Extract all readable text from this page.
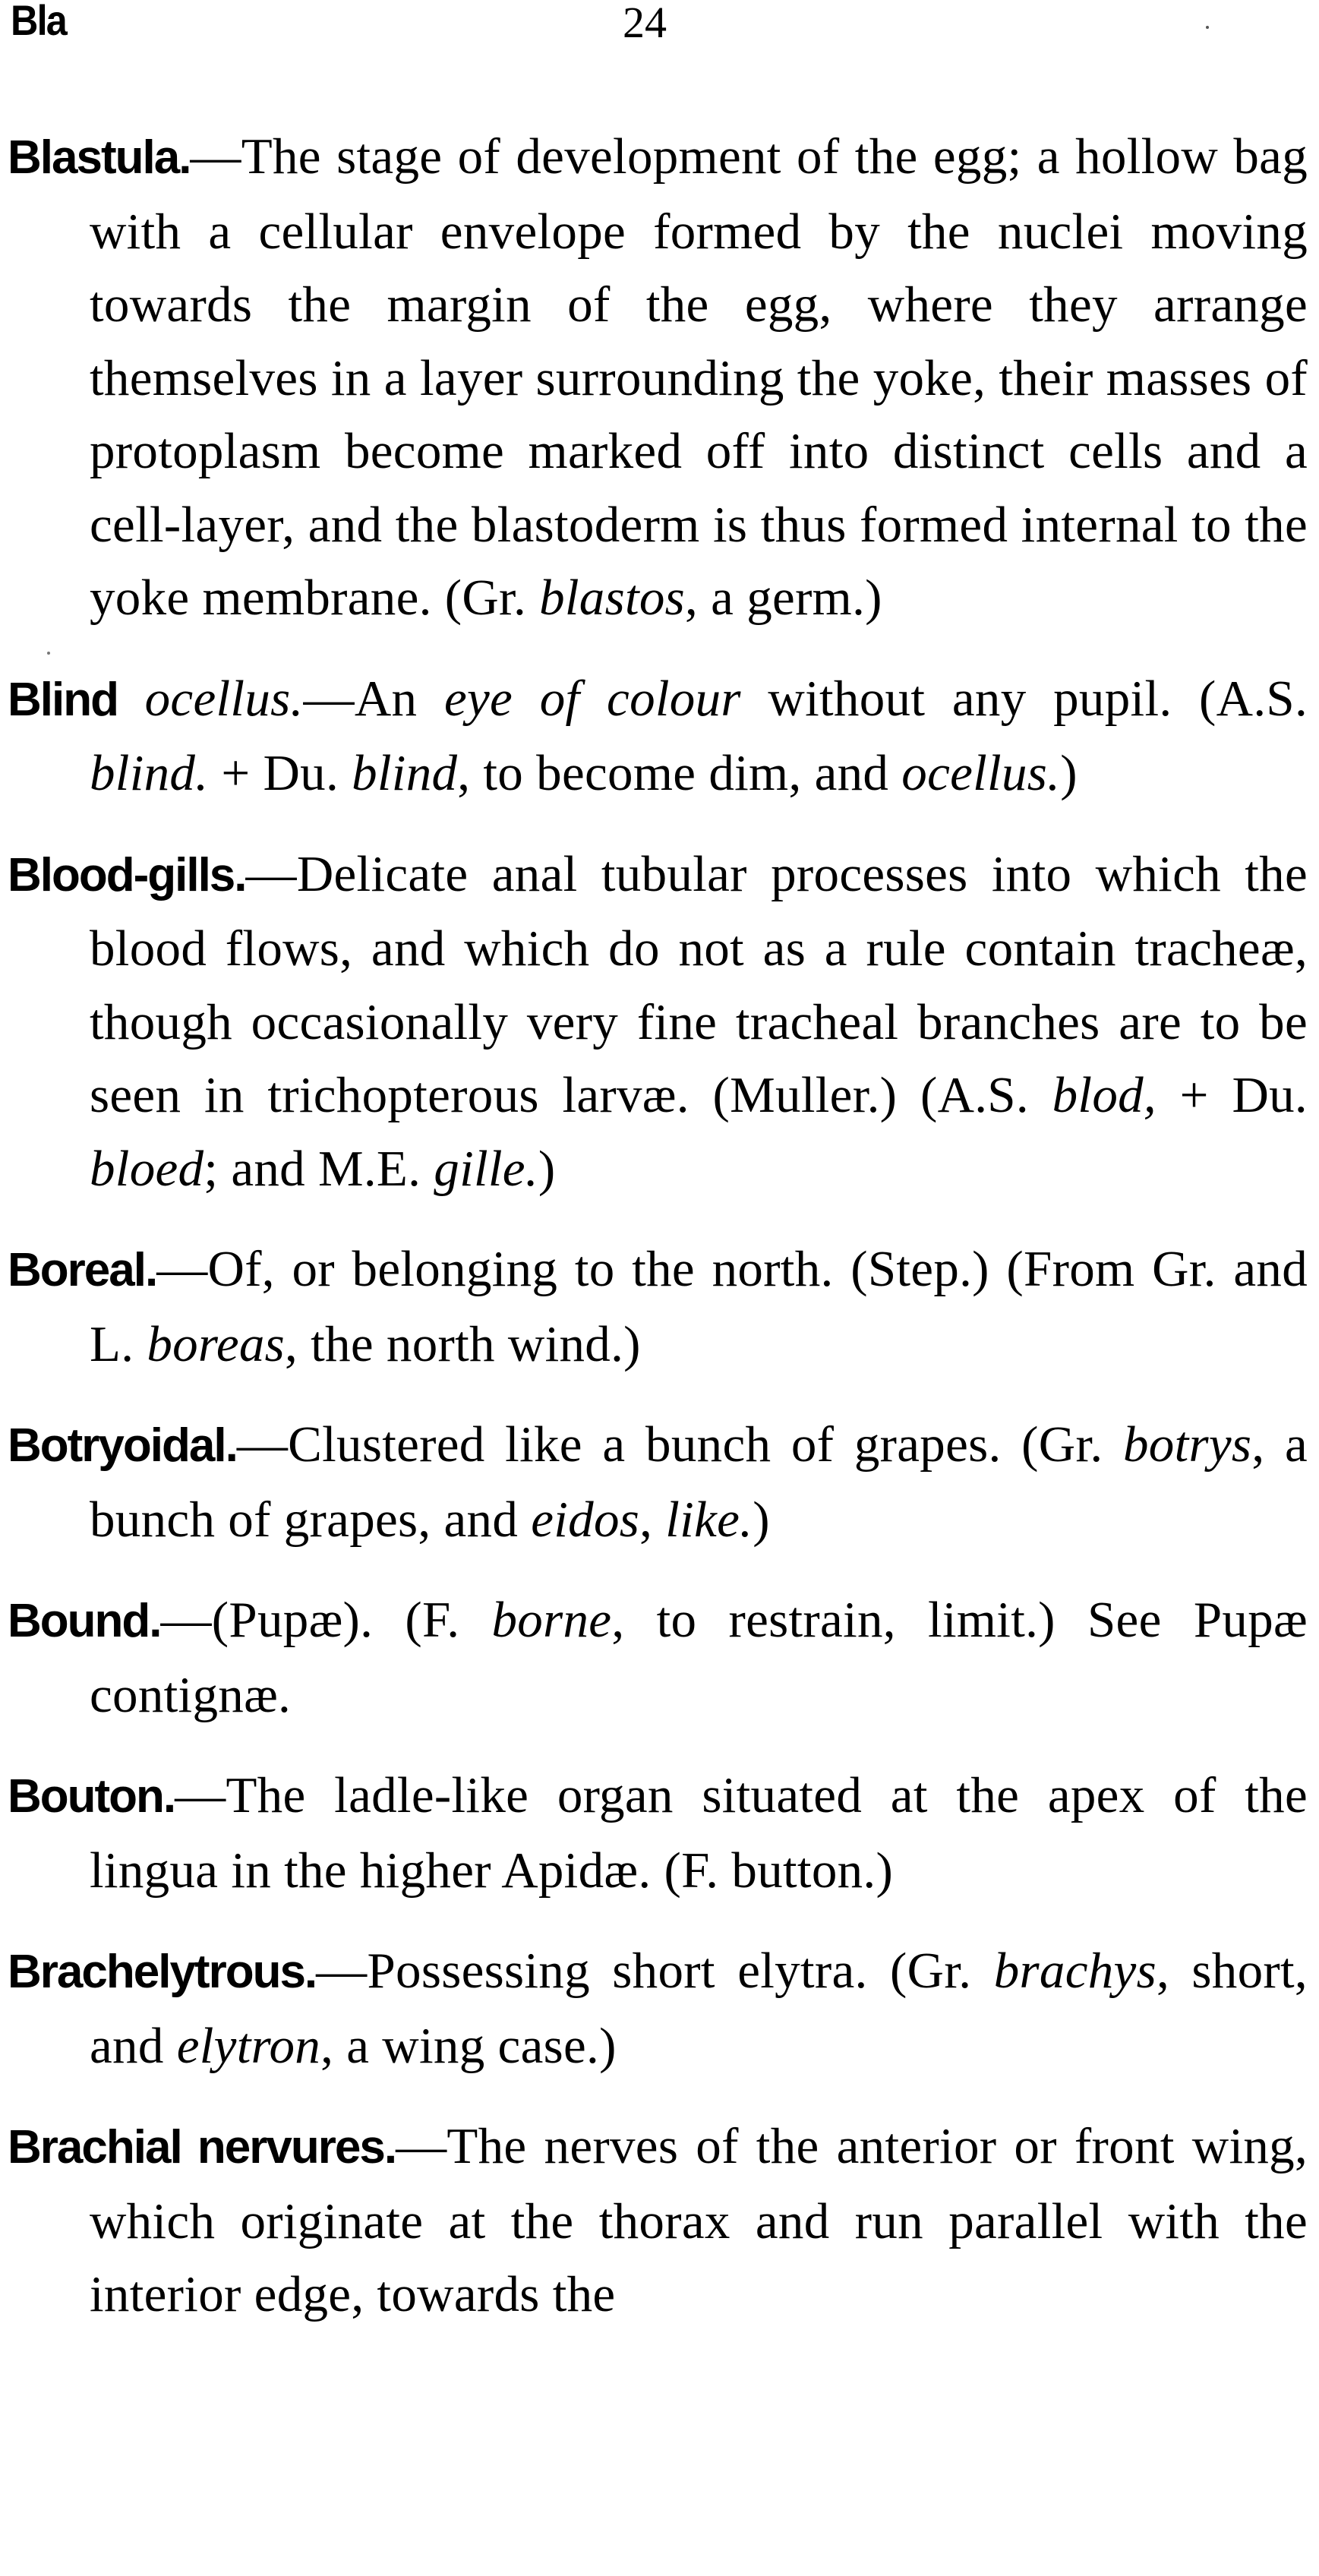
Bla	24

Blastula.—The stage of development of the egg; a hollow bag with a cellular envelope formed by the nuclei moving towards the margin of the egg, where they arrange themselves in a layer surrounding the yoke, their masses of protoplasm become marked off into distinct cells and a cell-layer, and the blastoderm is thus formed internal to the yoke membrane. (Gr. blastos, a germ.)

Blind ocellus.—An eye of colour without any pupil. (A.S. blind. + Du. blind, to become dim, and ocellus.)

Blood-gills.—Delicate anal tubular processes into which the blood flows, and which do not as a rule contain tracheæ, though occasionally very fine tracheal branches are to be seen in trichopterous larvæ. (Muller.) (A.S. blod, + Du. bloed; and M.E. gille.)

Boreal.—Of, or belonging to the north. (Step.) (From Gr. and L. boreas, the north wind.)

Botryoidal.—Clustered like a bunch of grapes. (Gr. botrys, a bunch of grapes, and eidos, like.)

Bound.—(Pupæ). (F. borne, to restrain, limit.) See Pupæ contignæ.

Bouton.—The ladle-like organ situated at the apex of the lingua in the higher Apidæ. (F. button.)

Brachelytrous.—Possessing short elytra. (Gr. brachys, short, and elytron, a wing case.)

Brachial nervures.—The nerves of the anterior or front wing, which originate at the thorax and run parallel with the interior edge, towards the
